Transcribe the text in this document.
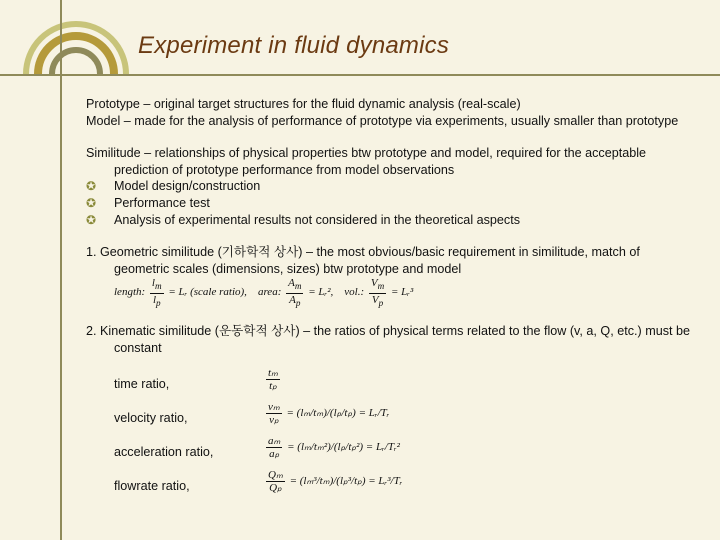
Experiment in fluid dynamics

Prototype – original target structures for the fluid dynamic analysis (real-scale)

Model – made for the analysis of performance of prototype via experiments, usually smaller than prototype

Similitude – relationships of physical properties btw prototype and model, required for the acceptable prediction of prototype performance from model observations

✪ Model design/construction
✪ Performance test
✪ Analysis of experimental results not considered in the theoretical aspects

1. Geometric similitude (기하학적 상사) – the most obvious/basic requirement in similitude, match of geometric scales (dimensions, sizes) btw prototype and model

length: $\frac{l_m}{l_p}$ = Lᵣ (scale ratio), area: $\frac{A_m}{A_p}$ = Lᵣ², vol.: $\frac{V_m}{V_p}$ = Lᵣ³

2. Kinematic similitude (운동학적 상사) – the ratios of physical terms related to the flow (v, a, Q, etc.) must be constant

time ratio,	$\frac{\text{tₘ}}{\text{tₚ}}$
velocity ratio,	$\frac{\text{vₘ}}{\text{vₚ}} = (l_m/t_m)/(l_p/t_p)$ = Lᵣ/Tᵣ
acceleration ratio,	$\frac{\text{aₘ}}{\text{aₚ}} = (l_m/t_m^2)/(l_p/t_p^2)$ = Lᵣ/Tᵣ²
flowrate ratio,	$\frac{\text{Qₘ}}{\text{Qₚ}} = (l_m^3/t_m)/(l_p^3/t_p)$ = Lᵣ³/Tᵣ
